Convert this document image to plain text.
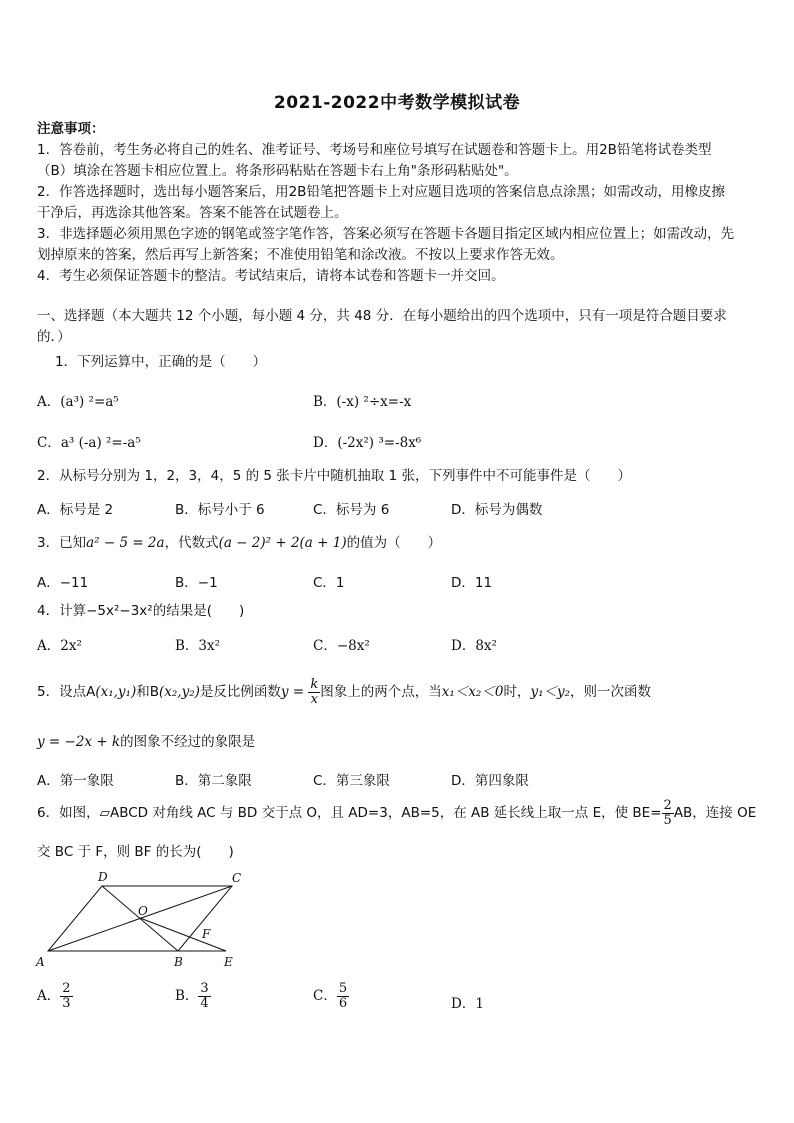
2021-2022中考数学模拟试卷
注意事项：
1．答卷前，考生务必将自己的姓名、准考证号、考场号和座位号填写在试题卷和答题卡上。用2B铅笔将试卷类型
（B）填涂在答题卡相应位置上。将条形码粘贴在答题卡右上角"条形码粘贴处"。
2．作答选择题时，选出每小题答案后，用2B铅笔把答题卡上对应题目选项的答案信息点涂黑；如需改动，用橡皮擦
干净后，再选涂其他答案。答案不能答在试题卷上。
3．非选择题必须用黑色字迹的钢笔或签字笔作答，答案必须写在答题卡各题目指定区域内相应位置上；如需改动，先
划掉原来的答案，然后再写上新答案；不准使用铅笔和涂改液。不按以上要求作答无效。
4．考生必须保证答题卡的整洁。考试结束后，请将本试卷和答题卡一并交回。
一、选择题（本大题共 12 个小题，每小题 4 分，共 48 分．在每小题给出的四个选项中，只有一项是符合题目要求
的．）
1．下列运算中，正确的是（　　）
A．(a³) ²=a⁵	B．(-x) ²÷x=-x
C．a³ (-a) ²=-a⁵	D．(-2x²) ³=-8x⁶
2．从标号分别为 1，2，3，4，5 的 5 张卡片中随机抽取 1 张，下列事件中不可能事件是（　　）
A．标号是 2	B．标号小于 6	C．标号为 6	D．标号为偶数
3．已知a² − 5 = 2a，代数式(a − 2)² + 2(a + 1)的值为（　　）
A．−11	B．−1	C．1	D．11
4．计算−5x²−3x²的结果是(　　)
A．2x²	B．3x²	C．−8x²	D．8x²
5．设点A(x₁,y₁)和B(x₂,y₂)是反比例函数$y = \frac{k}{x}$ 图象上的两个点，当x₁＜x₂＜0时，y₁＜y₂，则一次函数
y = −2x + k的图象不经过的象限是
A．第一象限	B．第二象限	C．第三象限	D．第四象限
6．如图，▱ABCD 对角线 AC 与 BD 交于点 O，且 AD=3，AB=5，在 AB 延长线上取一点 E，使 $BE= \frac{2}{5}$ AB，连接 OE
交 BC 于 F，则 BF 的长为(　　)
A	B	E
D	C
O
F
A． $\frac{2}{3}$	B． $\frac{3}{4}$	C． $\frac{5}{6}$	D．1
